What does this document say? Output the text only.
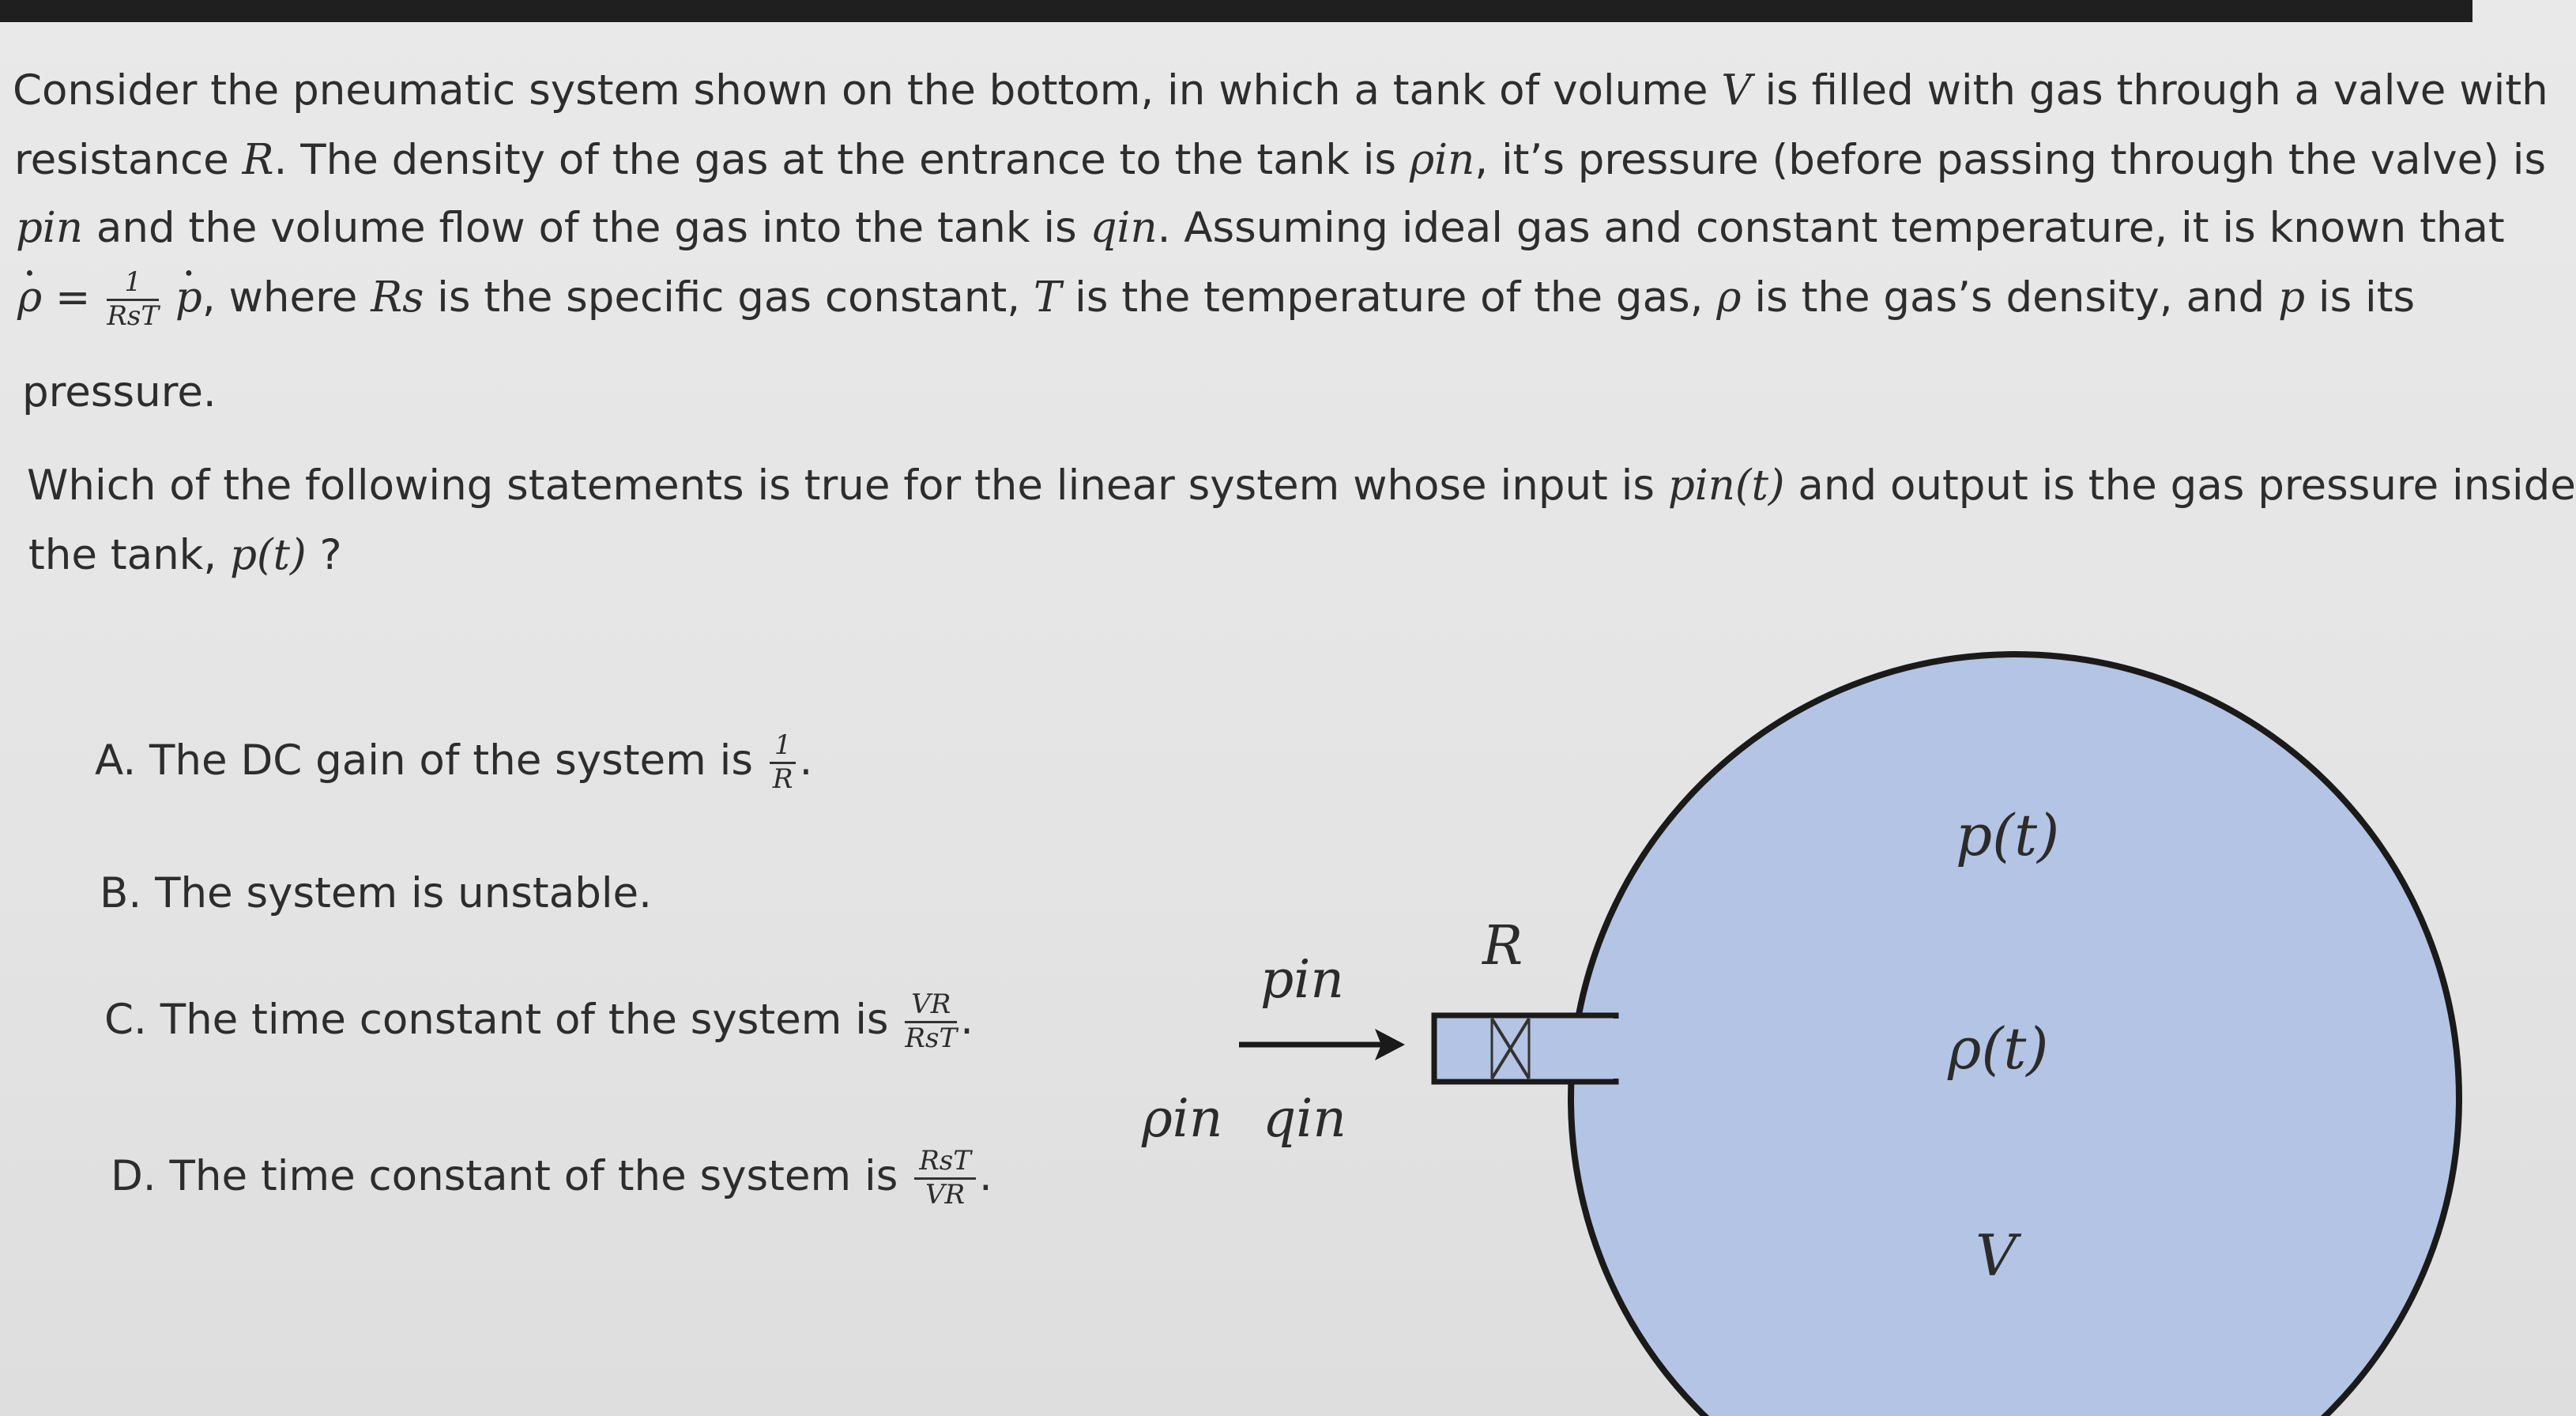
Consider the pneumatic system shown on the bottom, in which a tank of volume V is filled with gas through a valve with
resistance R. The density of the gas at the entrance to the tank is ρin, it’s pressure (before passing through the valve) is
pin and the volume flow of the gas into the tank is qin. Assuming ideal gas and constant temperature, it is known that
· $\rho = \frac{1}{\text{RsT}}$
· p, where Rs is the specific gas constant, T is the temperature of the gas, ρ is the gas’s density, and p is its
pressure.
Which of the following statements is true for the linear system whose input is pin(t) and output is the gas pressure inside
the tank, p(t) ?
A. The DC gain of the system is $\frac{1}{R}$ .
B. The system is unstable.
C. The time constant of the system is $\frac{VR}{\text{RsT}}$ .
D. The time constant of the system is $\frac{\text{RsT}}{VR}$ .
R
pin
ρin qin
p(t)
ρ(t)
V
